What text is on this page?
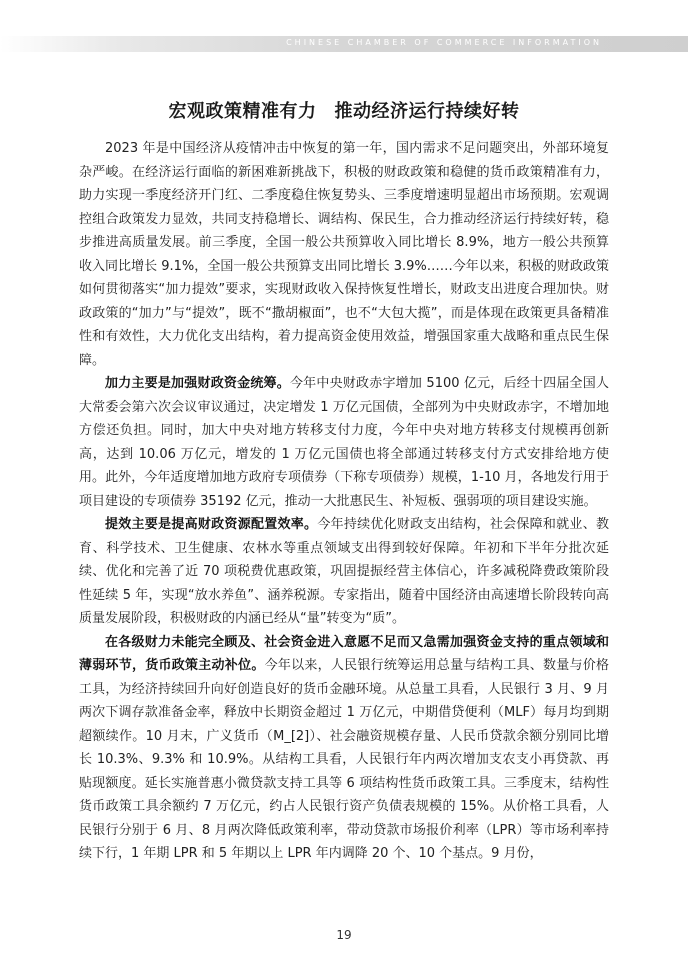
CHINESE CHAMBER OF COMMERCE INFORMATION
宏观政策精准有力 推动经济运行持续好转

2023 年是中国经济从疫情冲击中恢复的第一年，国内需求不足问题突出，外部环境复杂严峻。在经济运行面临的新困难新挑战下，积极的财政政策和稳健的货币政策精准有力，助力实现一季度经济开门红、二季度稳住恢复势头、三季度增速明显超出市场预期。宏观调控组合政策发力显效，共同支持稳增长、调结构、保民生，合力推动经济运行持续好转，稳步推进高质量发展。前三季度，全国一般公共预算收入同比增长 8.9%，地方一般公共预算收入同比增长 9.1%，全国一般公共预算支出同比增长 3.9%……今年以来，积极的财政政策如何贯彻落实“加力提效”要求，实现财政收入保持恢复性增长，财政支出进度合理加快。财政政策的“加力”与“提效”，既不“撒胡椒面”，也不“大包大揽”，而是体现在政策更具备精准性和有效性，大力优化支出结构，着力提高资金使用效益，增强国家重大战略和重点民生保障。

加力主要是加强财政资金统筹。今年中央财政赤字增加 5100 亿元，后经十四届全国人大常委会第六次会议审议通过，决定增发 1 万亿元国债，全部列为中央财政赤字，不增加地方偿还负担。同时，加大中央对地方转移支付力度，今年中央对地方转移支付规模再创新高，达到 10.06 万亿元，增发的 1 万亿元国债也将全部通过转移支付方式安排给地方使用。此外，今年适度增加地方政府专项债券（下称专项债券）规模，1-10 月，各地发行用于项目建设的专项债券 35192 亿元，推动一大批惠民生、补短板、强弱项的项目建设实施。

提效主要是提高财政资源配置效率。今年持续优化财政支出结构，社会保障和就业、教育、科学技术、卫生健康、农林水等重点领域支出得到较好保障。年初和下半年分批次延续、优化和完善了近 70 项税费优惠政策，巩固提振经营主体信心，许多减税降费政策阶段性延续 5 年，实现“放水养鱼”、涵养税源。专家指出，随着中国经济由高速增长阶段转向高质量发展阶段，积极财政的内涵已经从“量”转变为“质”。

在各级财力未能完全顾及、社会资金进入意愿不足而又急需加强资金支持的重点领域和薄弱环节，货币政策主动补位。今年以来，人民银行统筹运用总量与结构工具、数量与价格工具，为经济持续回升向好创造良好的货币金融环境。从总量工具看，人民银行 3 月、9 月两次下调存款准备金率，释放中长期资金超过 1 万亿元，中期借贷便利（MLF）每月均到期超额续作。10 月末，广义货币（M_[2]）、社会融资规模存量、人民币贷款余额分别同比增长 10.3%、9.3% 和 10.9%。从结构工具看，人民银行年内两次增加支农支小再贷款、再贴现额度。延长实施普惠小微贷款支持工具等 6 项结构性货币政策工具。三季度末，结构性货币政策工具余额约 7 万亿元，约占人民银行资产负债表规模的 15%。从价格工具看，人民银行分别于 6 月、8 月两次降低政策利率，带动贷款市场报价利率（LPR）等市场利率持续下行，1 年期 LPR 和 5 年期以上 LPR 年内调降 20 个、10 个基点。9 月份，

19
